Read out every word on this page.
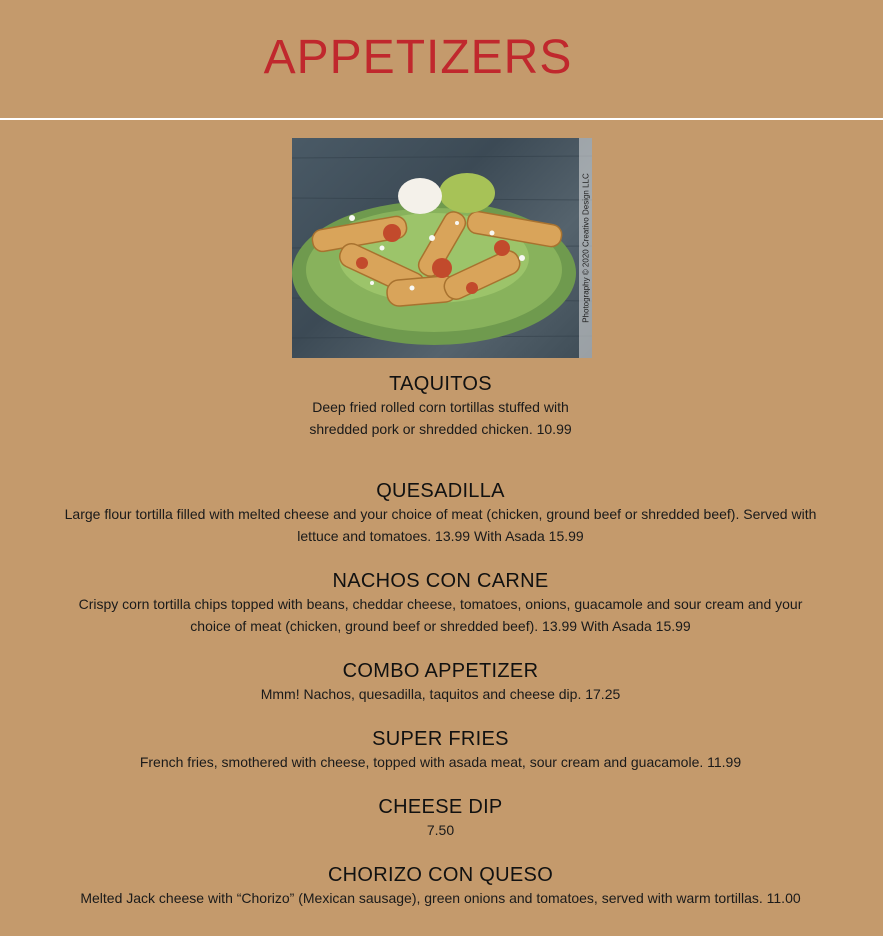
APPETIZERS
Photography © 2020 Creativo Design LLC
TAQUITOS

Deep fried rolled corn tortillas stuffed with shredded pork or shredded chicken. 10.99

QUESADILLA

Large flour tortilla filled with melted cheese and your choice of meat (chicken, ground beef or shredded beef). Served with lettuce and tomatoes. 13.99 With Asada 15.99

NACHOS CON CARNE

Crispy corn tortilla chips topped with beans, cheddar cheese, tomatoes, onions, guacamole and sour cream and your choice of meat (chicken, ground beef or shredded beef). 13.99 With Asada 15.99

COMBO APPETIZER

Mmm! Nachos, quesadilla, taquitos and cheese dip. 17.25

SUPER FRIES

French fries, smothered with cheese, topped with asada meat, sour cream and guacamole. 11.99

CHEESE DIP

7.50

CHORIZO CON QUESO

Melted Jack cheese with “Chorizo” (Mexican sausage), green onions and tomatoes, served with warm tortillas. 11.00
